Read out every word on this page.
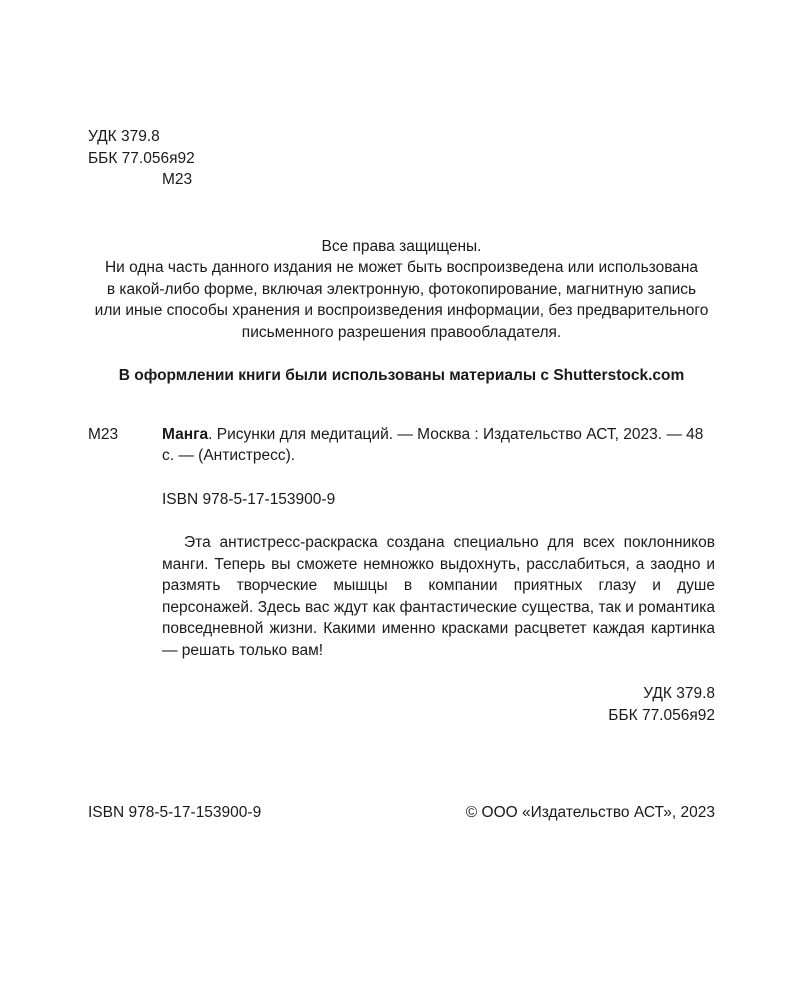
УДК 379.8
ББК 77.056я92
М23
Все права защищены.
Ни одна часть данного издания не может быть воспроизведена или использована
в какой-либо форме, включая электронную, фотокопирование, магнитную запись
или иные способы хранения и воспроизведения информации, без предварительного
письменного разрешения правообладателя.
В оформлении книги были использованы материалы с Shutterstock.com
М23	Манга. Рисунки для медитаций. — Москва : Издательство АСТ, 2023. — 48 с. — (Антистресс).
ISBN 978-5-17-153900-9
Эта антистресс-раскраска создана специально для всех поклонников манги. Теперь вы сможете немножко выдохнуть, расслабиться, а заодно и размять творческие мышцы в компании приятных глазу и душе персонажей. Здесь вас ждут как фантастические существа, так и романтика повседневной жизни. Какими именно красками расцветет каждая картинка — решать только вам!
УДК 379.8
ББК 77.056я92
ISBN 978-5-17-153900-9	© ООО «Издательство АСТ», 2023
